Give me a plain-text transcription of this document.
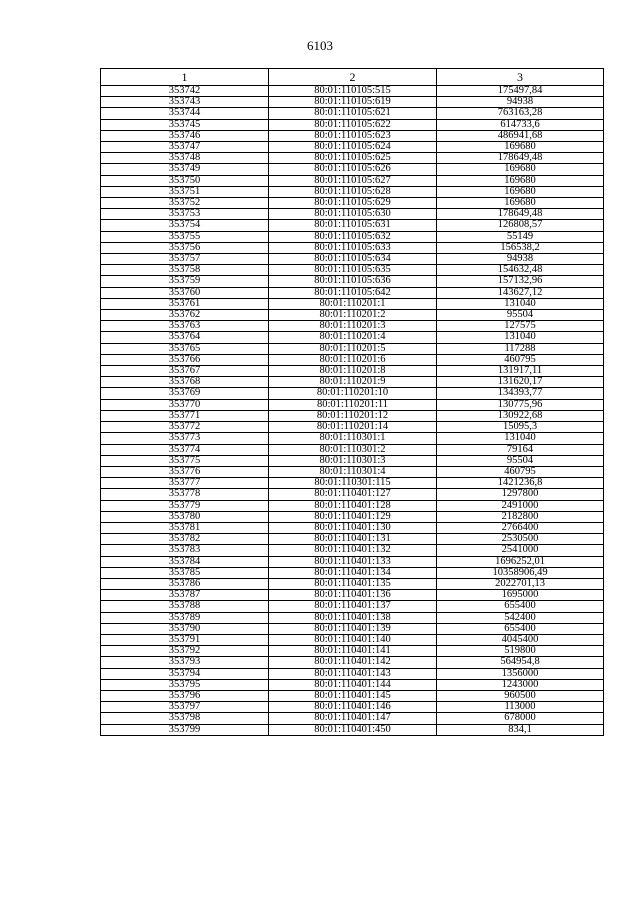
6103
1	2	3
353742	80:01:110105:515	175497,84
353743	80:01:110105:619	94938
353744	80:01:110105:621	763163,28
353745	80:01:110105:622	614733,6
353746	80:01:110105:623	486941,68
353747	80:01:110105:624	169680
353748	80:01:110105:625	178649,48
353749	80:01:110105:626	169680
353750	80:01:110105:627	169680
353751	80:01:110105:628	169680
353752	80:01:110105:629	169680
353753	80:01:110105:630	178649,48
353754	80:01:110105:631	126808,57
353755	80:01:110105:632	55149
353756	80:01:110105:633	156538,2
353757	80:01:110105:634	94938
353758	80:01:110105:635	154632,48
353759	80:01:110105:636	157132,96
353760	80:01:110105:642	143627,12
353761	80:01:110201:1	131040
353762	80:01:110201:2	95504
353763	80:01:110201:3	127575
353764	80:01:110201:4	131040
353765	80:01:110201:5	117288
353766	80:01:110201:6	460795
353767	80:01:110201:8	131917,11
353768	80:01:110201:9	131620,17
353769	80:01:110201:10	134393,77
353770	80:01:110201:11	130775,96
353771	80:01:110201:12	130922,68
353772	80:01:110201:14	15095,3
353773	80:01:110301:1	131040
353774	80:01:110301:2	79164
353775	80:01:110301:3	95504
353776	80:01:110301:4	460795
353777	80:01:110301:115	1421236,8
353778	80:01:110401:127	1297800
353779	80:01:110401:128	2491000
353780	80:01:110401:129	2182800
353781	80:01:110401:130	2766400
353782	80:01:110401:131	2530500
353783	80:01:110401:132	2541000
353784	80:01:110401:133	1696252,01
353785	80:01:110401:134	10358906,49
353786	80:01:110401:135	2022701,13
353787	80:01:110401:136	1695000
353788	80:01:110401:137	655400
353789	80:01:110401:138	542400
353790	80:01:110401:139	655400
353791	80:01:110401:140	4045400
353792	80:01:110401:141	519800
353793	80:01:110401:142	564954,8
353794	80:01:110401:143	1356000
353795	80:01:110401:144	1243000
353796	80:01:110401:145	960500
353797	80:01:110401:146	113000
353798	80:01:110401:147	678000
353799	80:01:110401:450	834,1
